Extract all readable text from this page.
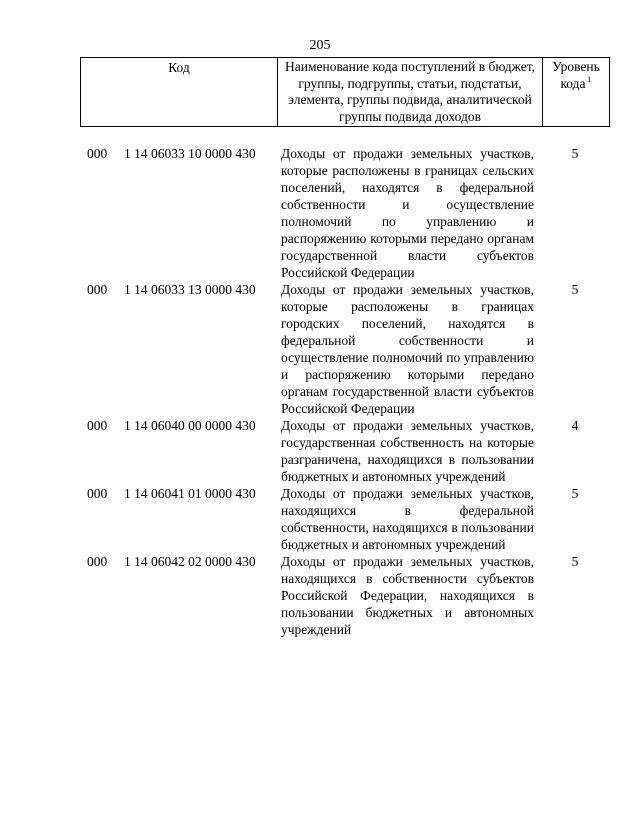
205
Код	Наименование кода поступлений в бюджет, группы, подгруппы, статьи, подстатьи, элемента, группы подвида, аналитической группы подвида доходов
Уровень кода $^1$
000 1 14 06033 10 0000 430 Доходы от продажи земельных участков, которые расположены в границах сельских поселений, находятся в федеральной собственности и осуществление полномочий по управлению и распоряжению которыми передано органам государственной власти субъектов Российской Федерации
5
000 1 14 06033 13 0000 430 Доходы от продажи земельных участков, которые расположены в границах городских поселений, находятся в федеральной собственности и осуществление полномочий по управлению и распоряжению которыми передано органам государственной власти субъектов Российской Федерации
5
000 1 14 06040 00 0000 430 Доходы от продажи земельных участков, государственная собственность на которые разграничена, находящихся в пользовании бюджетных и автономных учреждений
4
000 1 14 06041 01 0000 430 Доходы от продажи земельных участков, находящихся в федеральной собственности, находящихся в пользовании бюджетных и автономных учреждений
5
000 1 14 06042 02 0000 430 Доходы от продажи земельных участков, находящихся в собственности субъектов Российской Федерации, находящихся в пользовании бюджетных и автономных учреждений
5
